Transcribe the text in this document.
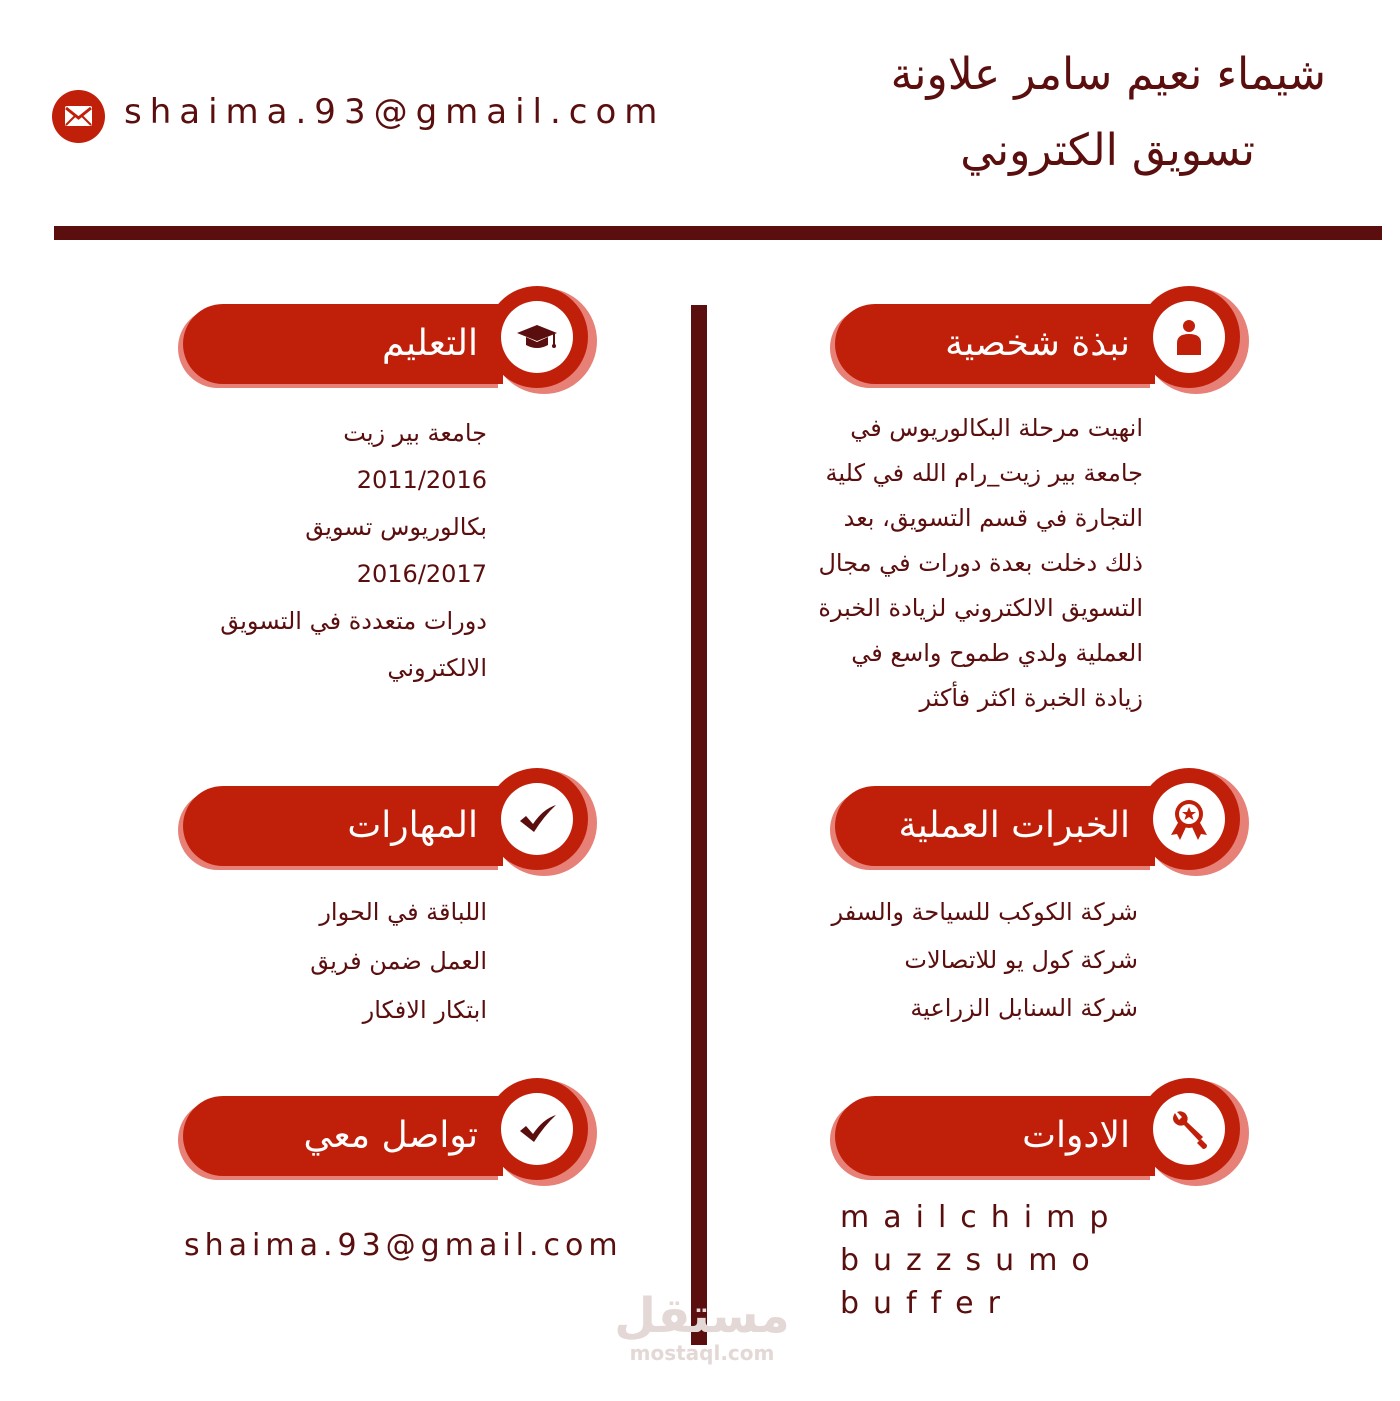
شيماء نعيم سامر علاونة
تسويق الكتروني
shaima.93@gmail.com
نبذة شخصية
انهيت مرحلة البكالوريوس في
جامعة بير زيت_رام الله في كلية
التجارة في قسم التسويق، بعد
ذلك دخلت بعدة دورات في مجال
التسويق الالكتروني لزيادة الخبرة
العملية ولدي طموح واسع في
زيادة الخبرة اكثر فأكثر
التعليم
جامعة بير زيت
2011/2016
بكالوريوس تسويق
2016/2017
دورات متعددة في التسويق
الالكتروني
الخبرات العملية
شركة الكوكب للسياحة والسفر
شركة كول يو للاتصالات
شركة السنابل الزراعية
المهارات
اللباقة في الحوار
العمل ضمن فريق
ابتكار الافكار
الادوات
mailchimp
buzzsumo
buffer
تواصل معي
shaima.93@gmail.com
مستقل
mostaql.com
